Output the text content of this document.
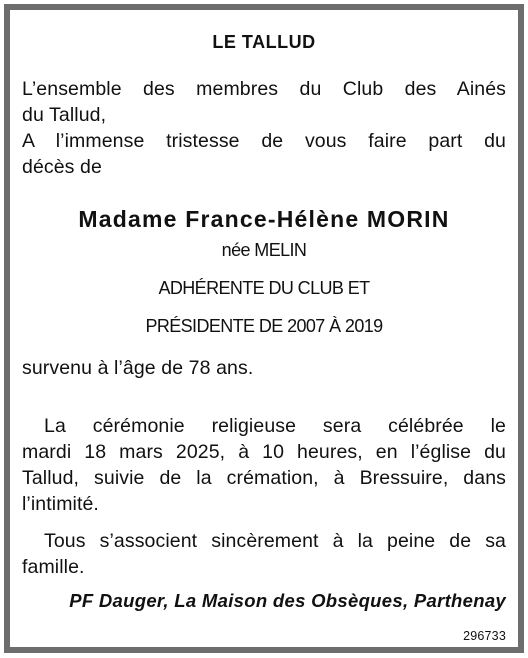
LE TALLUD
L’ensemble des membres du Club des Ainés
du Tallud,
A l’immense tristesse de vous faire part du
décès de
Madame France-Hélène MORIN
née MELIN
ADHÉRENTE DU CLUB ET
PRÉSIDENTE DE 2007 À 2019
survenu à l’âge de 78 ans.
La cérémonie religieuse sera célébrée le
mardi 18 mars 2025, à 10 heures, en l’église du
Tallud, suivie de la crémation, à Bressuire, dans
l’intimité.
Tous s’associent sincèrement à la peine de sa
famille.
PF Dauger, La Maison des Obsèques, Parthenay
296733
